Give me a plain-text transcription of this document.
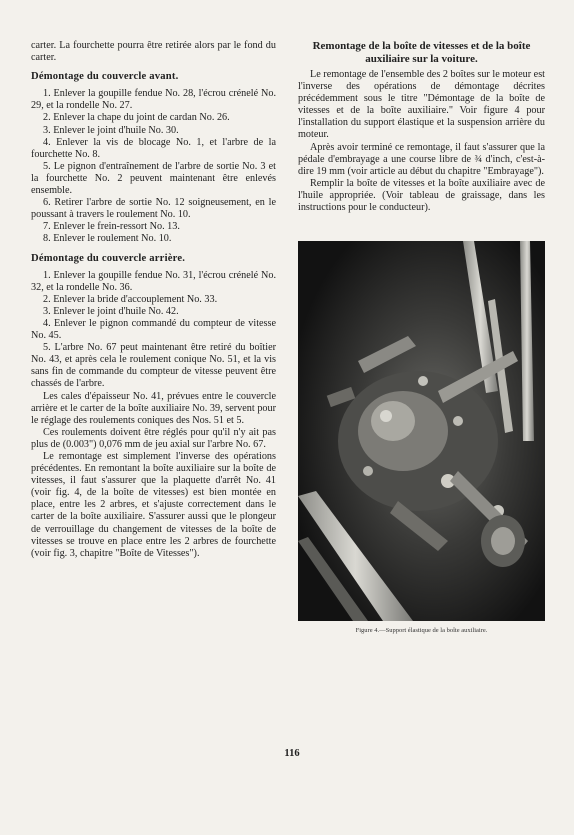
carter. La fourchette pourra être retirée alors par le fond du carter.

Démontage du couvercle avant.

1. Enlever la goupille fendue No. 28, l'écrou crénelé No. 29, et la rondelle No. 27.

2. Enlever la chape du joint de cardan No. 26.

3. Enlever le joint d'huile No. 30.

4. Enlever la vis de blocage No. 1, et l'arbre de la fourchette No. 8.

5. Le pignon d'entraînement de l'arbre de sortie No. 3 et la fourchette No. 2 peuvent maintenant être enlevés ensemble.

6. Retirer l'arbre de sortie No. 12 soigneusement, en le poussant à travers le roulement No. 10.

7. Enlever le frein-ressort No. 13.

8. Enlever le roulement No. 10.

Démontage du couvercle arrière.

1. Enlever la goupille fendue No. 31, l'écrou crénelé No. 32, et la rondelle No. 36.

2. Enlever la bride d'accouplement No. 33.

3. Enlever le joint d'huile No. 42.

4. Enlever le pignon commandé du compteur de vitesse No. 45.

5. L'arbre No. 67 peut maintenant être retiré du boîtier No. 43, et après cela le roulement conique No. 51, et la vis sans fin de commande du compteur de vitesse peuvent être chassés de l'arbre.

Les cales d'épaisseur No. 41, prévues entre le couvercle arrière et le carter de la boîte auxiliaire No. 39, servent pour le réglage des roulements coniques des Nos. 51 et 5.

Ces roulements doivent être réglés pour qu'il n'y ait pas plus de (0.003") 0,076 mm de jeu axial sur l'arbre No. 67.

Le remontage est simplement l'inverse des opérations précédentes. En remontant la boîte auxiliaire sur la boîte de vitesses, il faut s'assurer que la plaquette d'arrêt No. 41 (voir fig. 4, de la boîte de vitesses) est bien montée en place, entre les 2 arbres, et s'ajuste correctement dans le carter de la boîte auxiliaire. S'assurer aussi que le plongeur de verrouillage du changement de vitesses de la boîte de vitesses se trouve en place entre les 2 arbres de fourchette (voir fig. 3, chapitre "Boîte de Vitesses").

Remontage de la boîte de vitesses et de la boîte auxiliaire sur la voiture.

Le remontage de l'ensemble des 2 boîtes sur le moteur est l'inverse des opérations de démontage décrites précédemment sous le titre "Démontage de la boîte de vitesses et de la boîte auxiliaire." Voir figure 4 pour l'installation du support élastique et la suspension arrière du moteur.

Après avoir terminé ce remontage, il faut s'assurer que la pédale d'embrayage a une course libre de ¾ d'inch, c'est-à-dire 19 mm (voir article au début du chapitre "Embrayage").

Remplir la boîte de vitesses et la boîte auxiliaire avec de l'huile appropriée. (Voir tableau de graissage, dans les instructions pour le conducteur).

Figure 4.—Support élastique de la boîte auxiliaire.
116
